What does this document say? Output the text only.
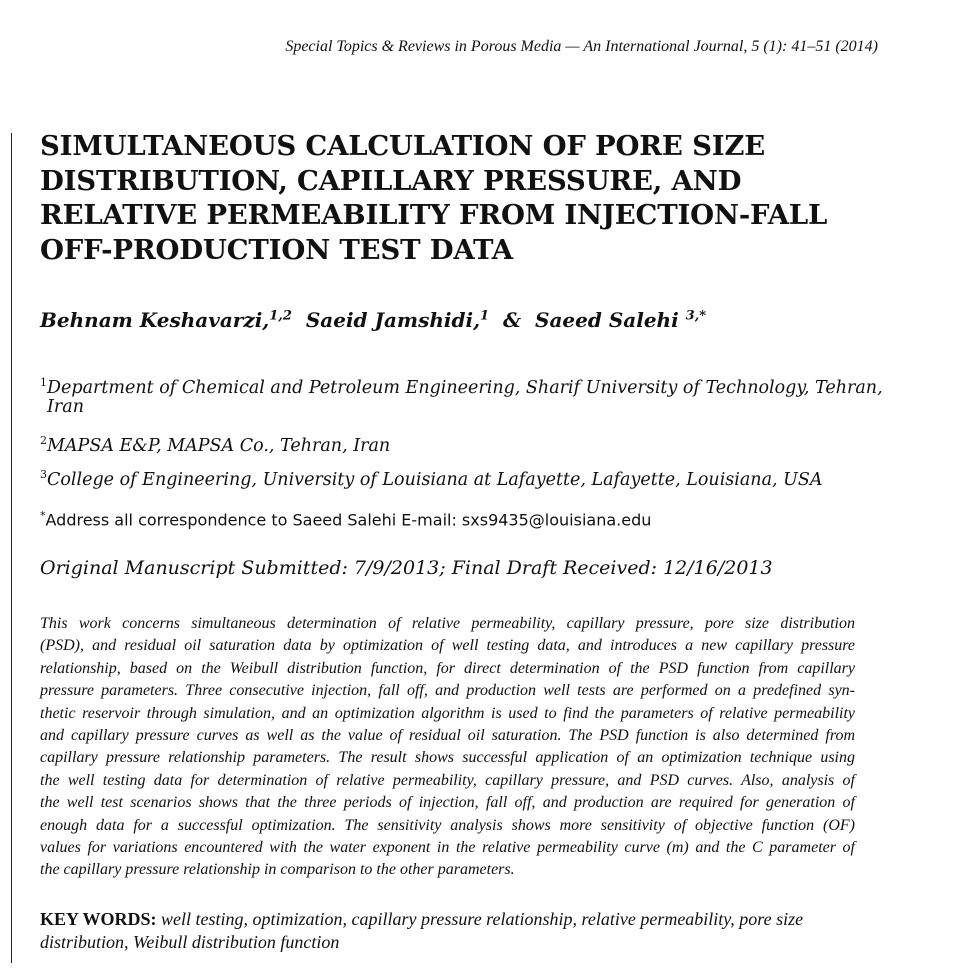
Special Topics & Reviews in Porous Media — An International Journal, 5 (1): 41–51 (2014)
SIMULTANEOUS CALCULATION OF PORE SIZE
DISTRIBUTION, CAPILLARY PRESSURE, AND
RELATIVE PERMEABILITY FROM INJECTION-FALL
OFF-PRODUCTION TEST DATA
Behnam Keshavarzi,$^{1,2}$ Saeid Jamshidi,$^1$ & Saeed Salehi $^{3,*}$
$^1$Department of Chemical and Petroleum Engineering, Sharif University of Technology, Tehran,
Iran
$^2$MAPSA E&P, MAPSA Co., Tehran, Iran
$^3$College of Engineering, University of Louisiana at Lafayette, Lafayette, Louisiana, USA
*Address all correspondence to Saeed Salehi E-mail: sxs9435@louisiana.edu
Original Manuscript Submitted: 7/9/2013; Final Draft Received: 12/16/2013
This work concerns simultaneous determination of relative permeability, capillary pressure, pore size distribution
(PSD), and residual oil saturation data by optimization of well testing data, and introduces a new capillary pressure
relationship, based on the Weibull distribution function, for direct determination of the PSD function from capillary
pressure parameters. Three consecutive injection, fall off, and production well tests are performed on a predefined syn-
thetic reservoir through simulation, and an optimization algorithm is used to find the parameters of relative permeability
and capillary pressure curves as well as the value of residual oil saturation. The PSD function is also determined from
capillary pressure relationship parameters. The result shows successful application of an optimization technique using
the well testing data for determination of relative permeability, capillary pressure, and PSD curves. Also, analysis of
the well test scenarios shows that the three periods of injection, fall off, and production are required for generation of
enough data for a successful optimization. The sensitivity analysis shows more sensitivity of objective function (OF)
values for variations encountered with the water exponent in the relative permeability curve (m) and the C parameter of
the capillary pressure relationship in comparison to the other parameters.
KEY WORDS: well testing, optimization, capillary pressure relationship, relative permeability, pore size distribution, Weibull distribution function
